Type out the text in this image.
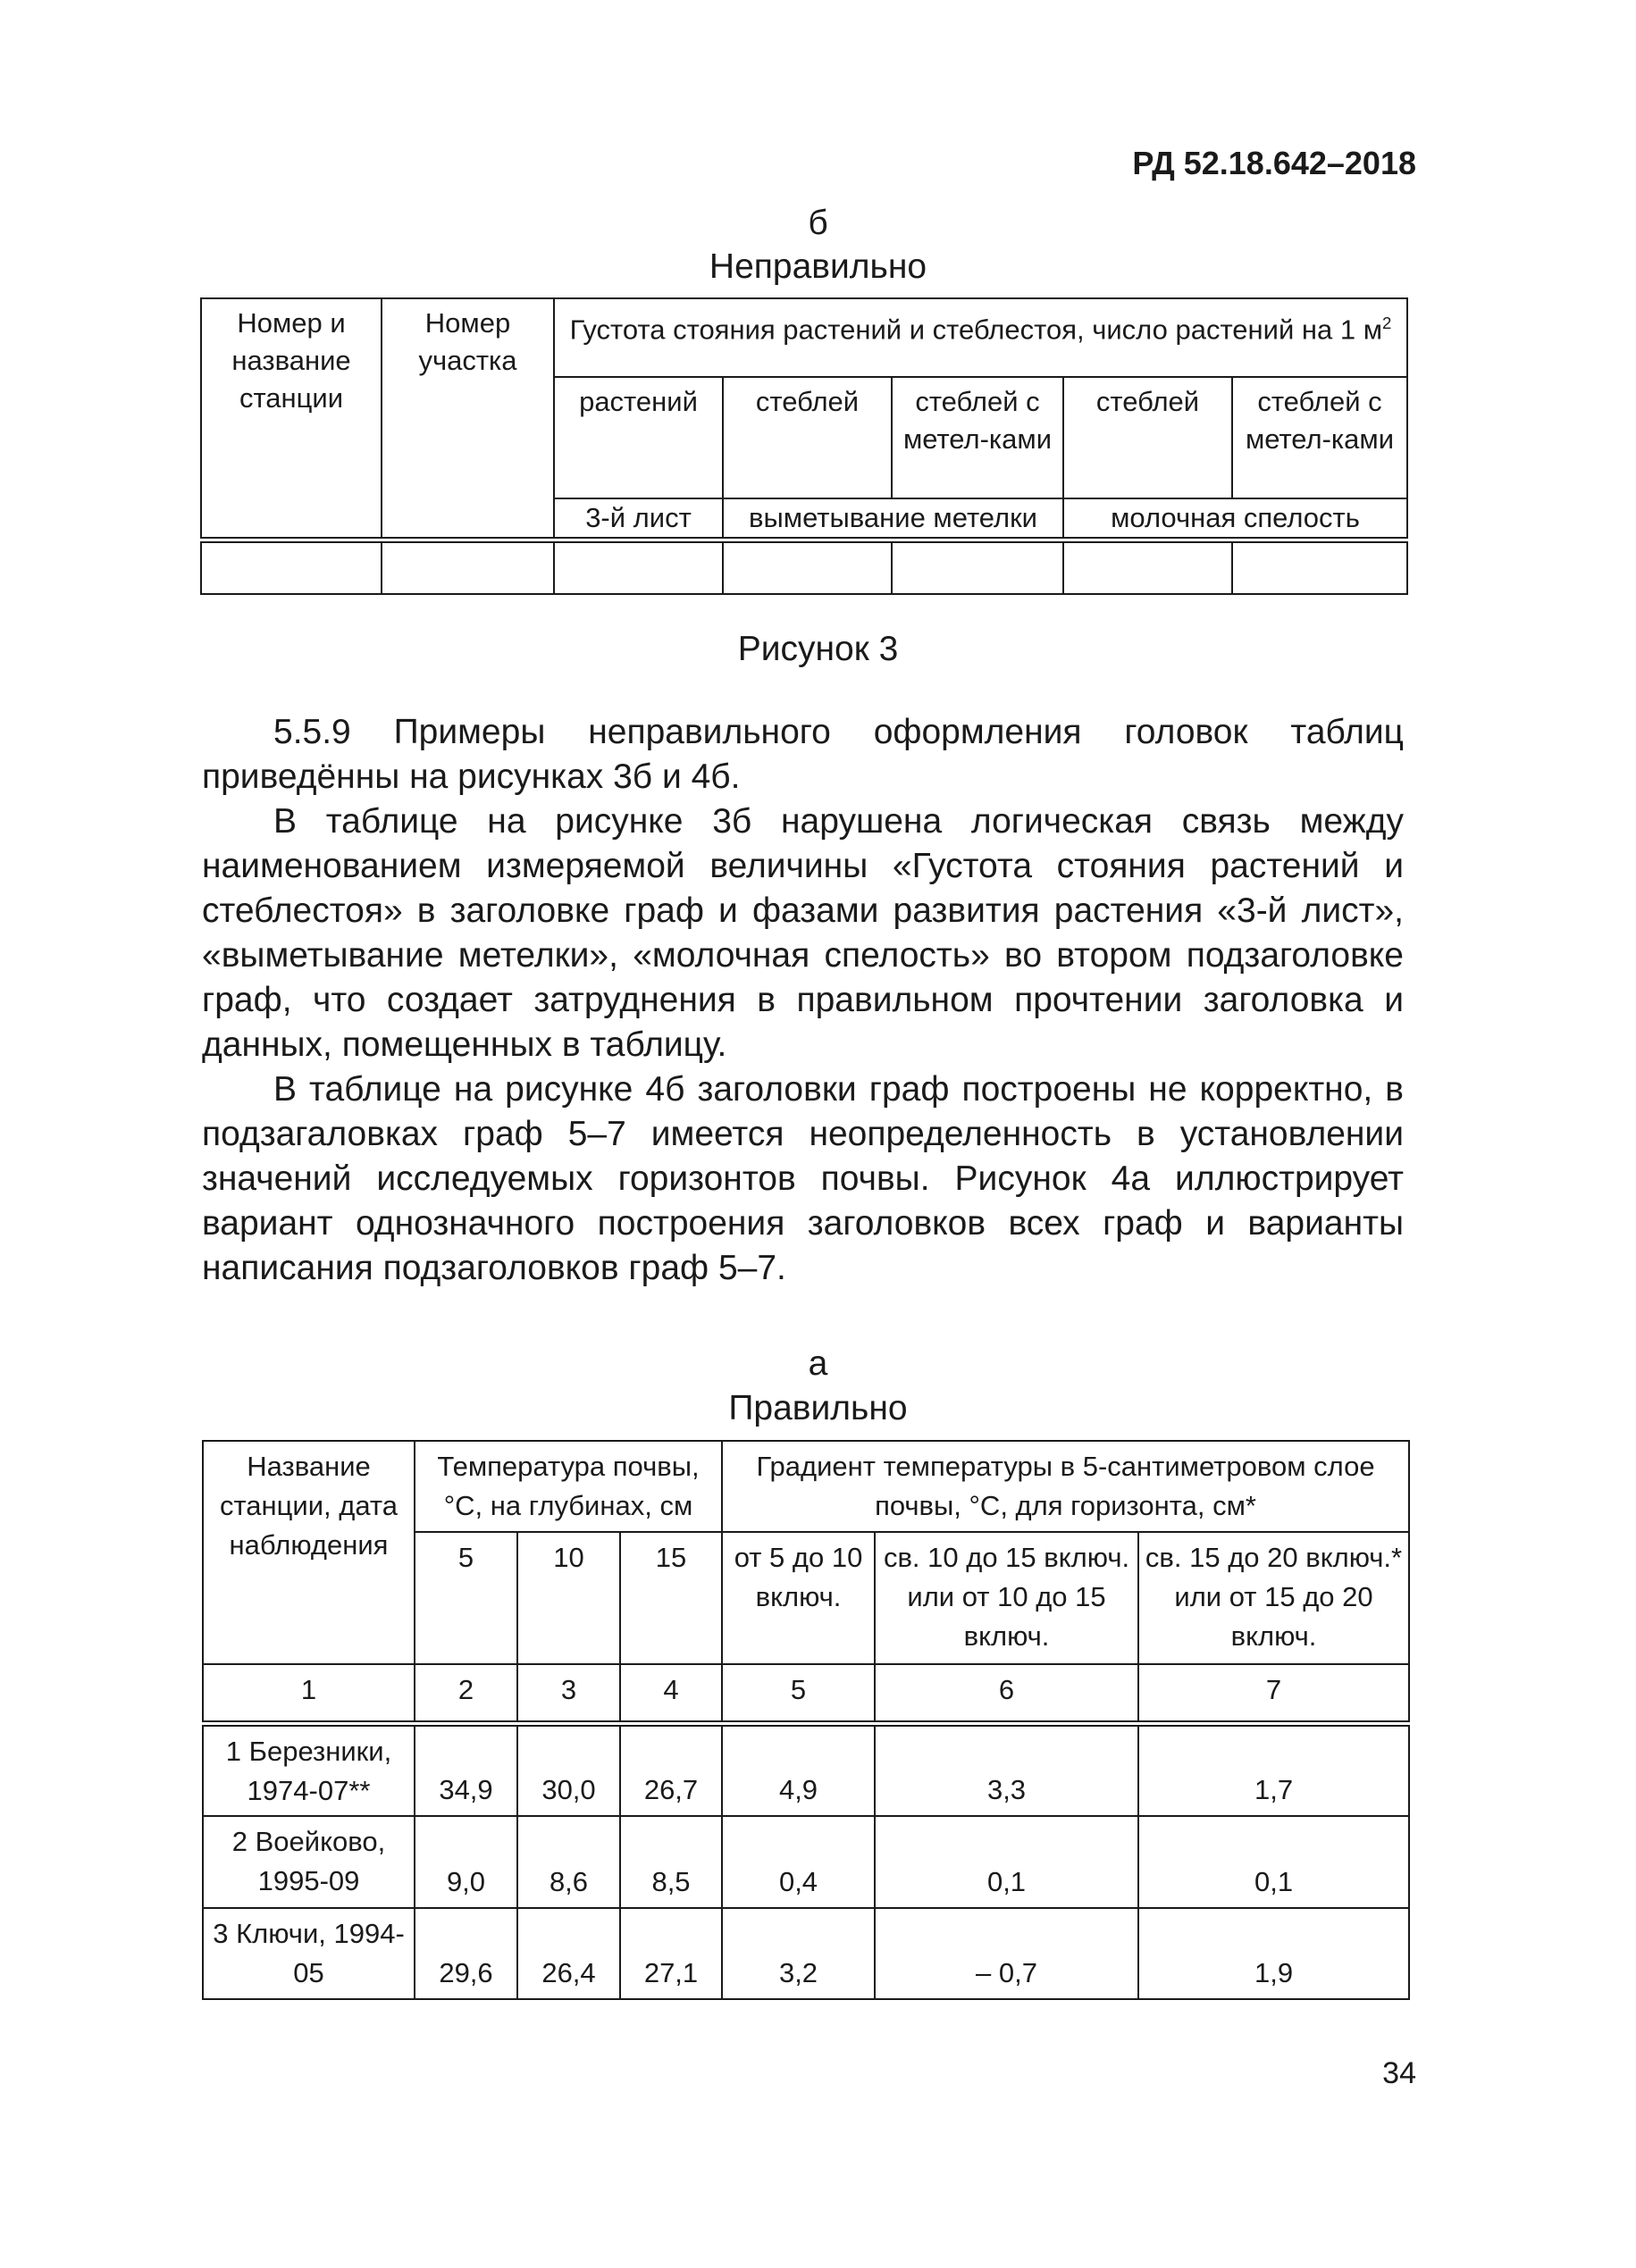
РД 52.18.642–2018
б
Неправильно
Номер и название станции	Номер участка	Густота стояния растений и стеблестоя, число растений на 1 $м^2$
		растений	стеблей	стеблей с метел-ками	стеблей	стеблей с метел-ками
		3-й лист	выметывание метелки		молочная спелость	

Рисунок 3

5.5.9 Примеры неправильного оформления головок таблиц приведённы на рисунках 3б и 4б.

В таблице на рисунке 3б нарушена логическая связь между наименованием измеряемой величины «Густота стояния растений и стеблестоя» в заголовке граф и фазами развития растения «3-й лист», «выметывание метелки», «молочная спелость» во втором подзаголовке граф, что создает затруднения в правильном прочтении заголовка и данных, помещенных в таблицу.

В таблице на рисунке 4б заголовки граф построены не корректно, в подзагаловках граф 5–7 имеется неопределенность в установлении значений исследуемых горизонтов почвы. Рисунок 4а иллюстрирует вариант однозначного построения заголовков всех граф и варианты написания подзаголовков граф 5–7.

а
Правильно
Название станции, дата наблюдения	Температура почвы, °С, на глубинах, см			Градиент температуры в 5-сантиметровом слое почвы, °С, для горизонта, см*		
	5	10	15	от 5 до 10 включ.	св. 10 до 15 включ. или от 10 до 15 включ.	св. 15 до 20 включ.* или от 15 до 20 включ.
1	2	3	4	5	6	7
1 Березники, 1974-07**	34,9	30,0	26,7	4,9	3,3	1,7
2 Воейково, 1995-09	9,0	8,6	8,5	0,4	0,1	0,1
3 Ключи, 1994-05	29,6	26,4	27,1	3,2	– 0,7	1,9
34
